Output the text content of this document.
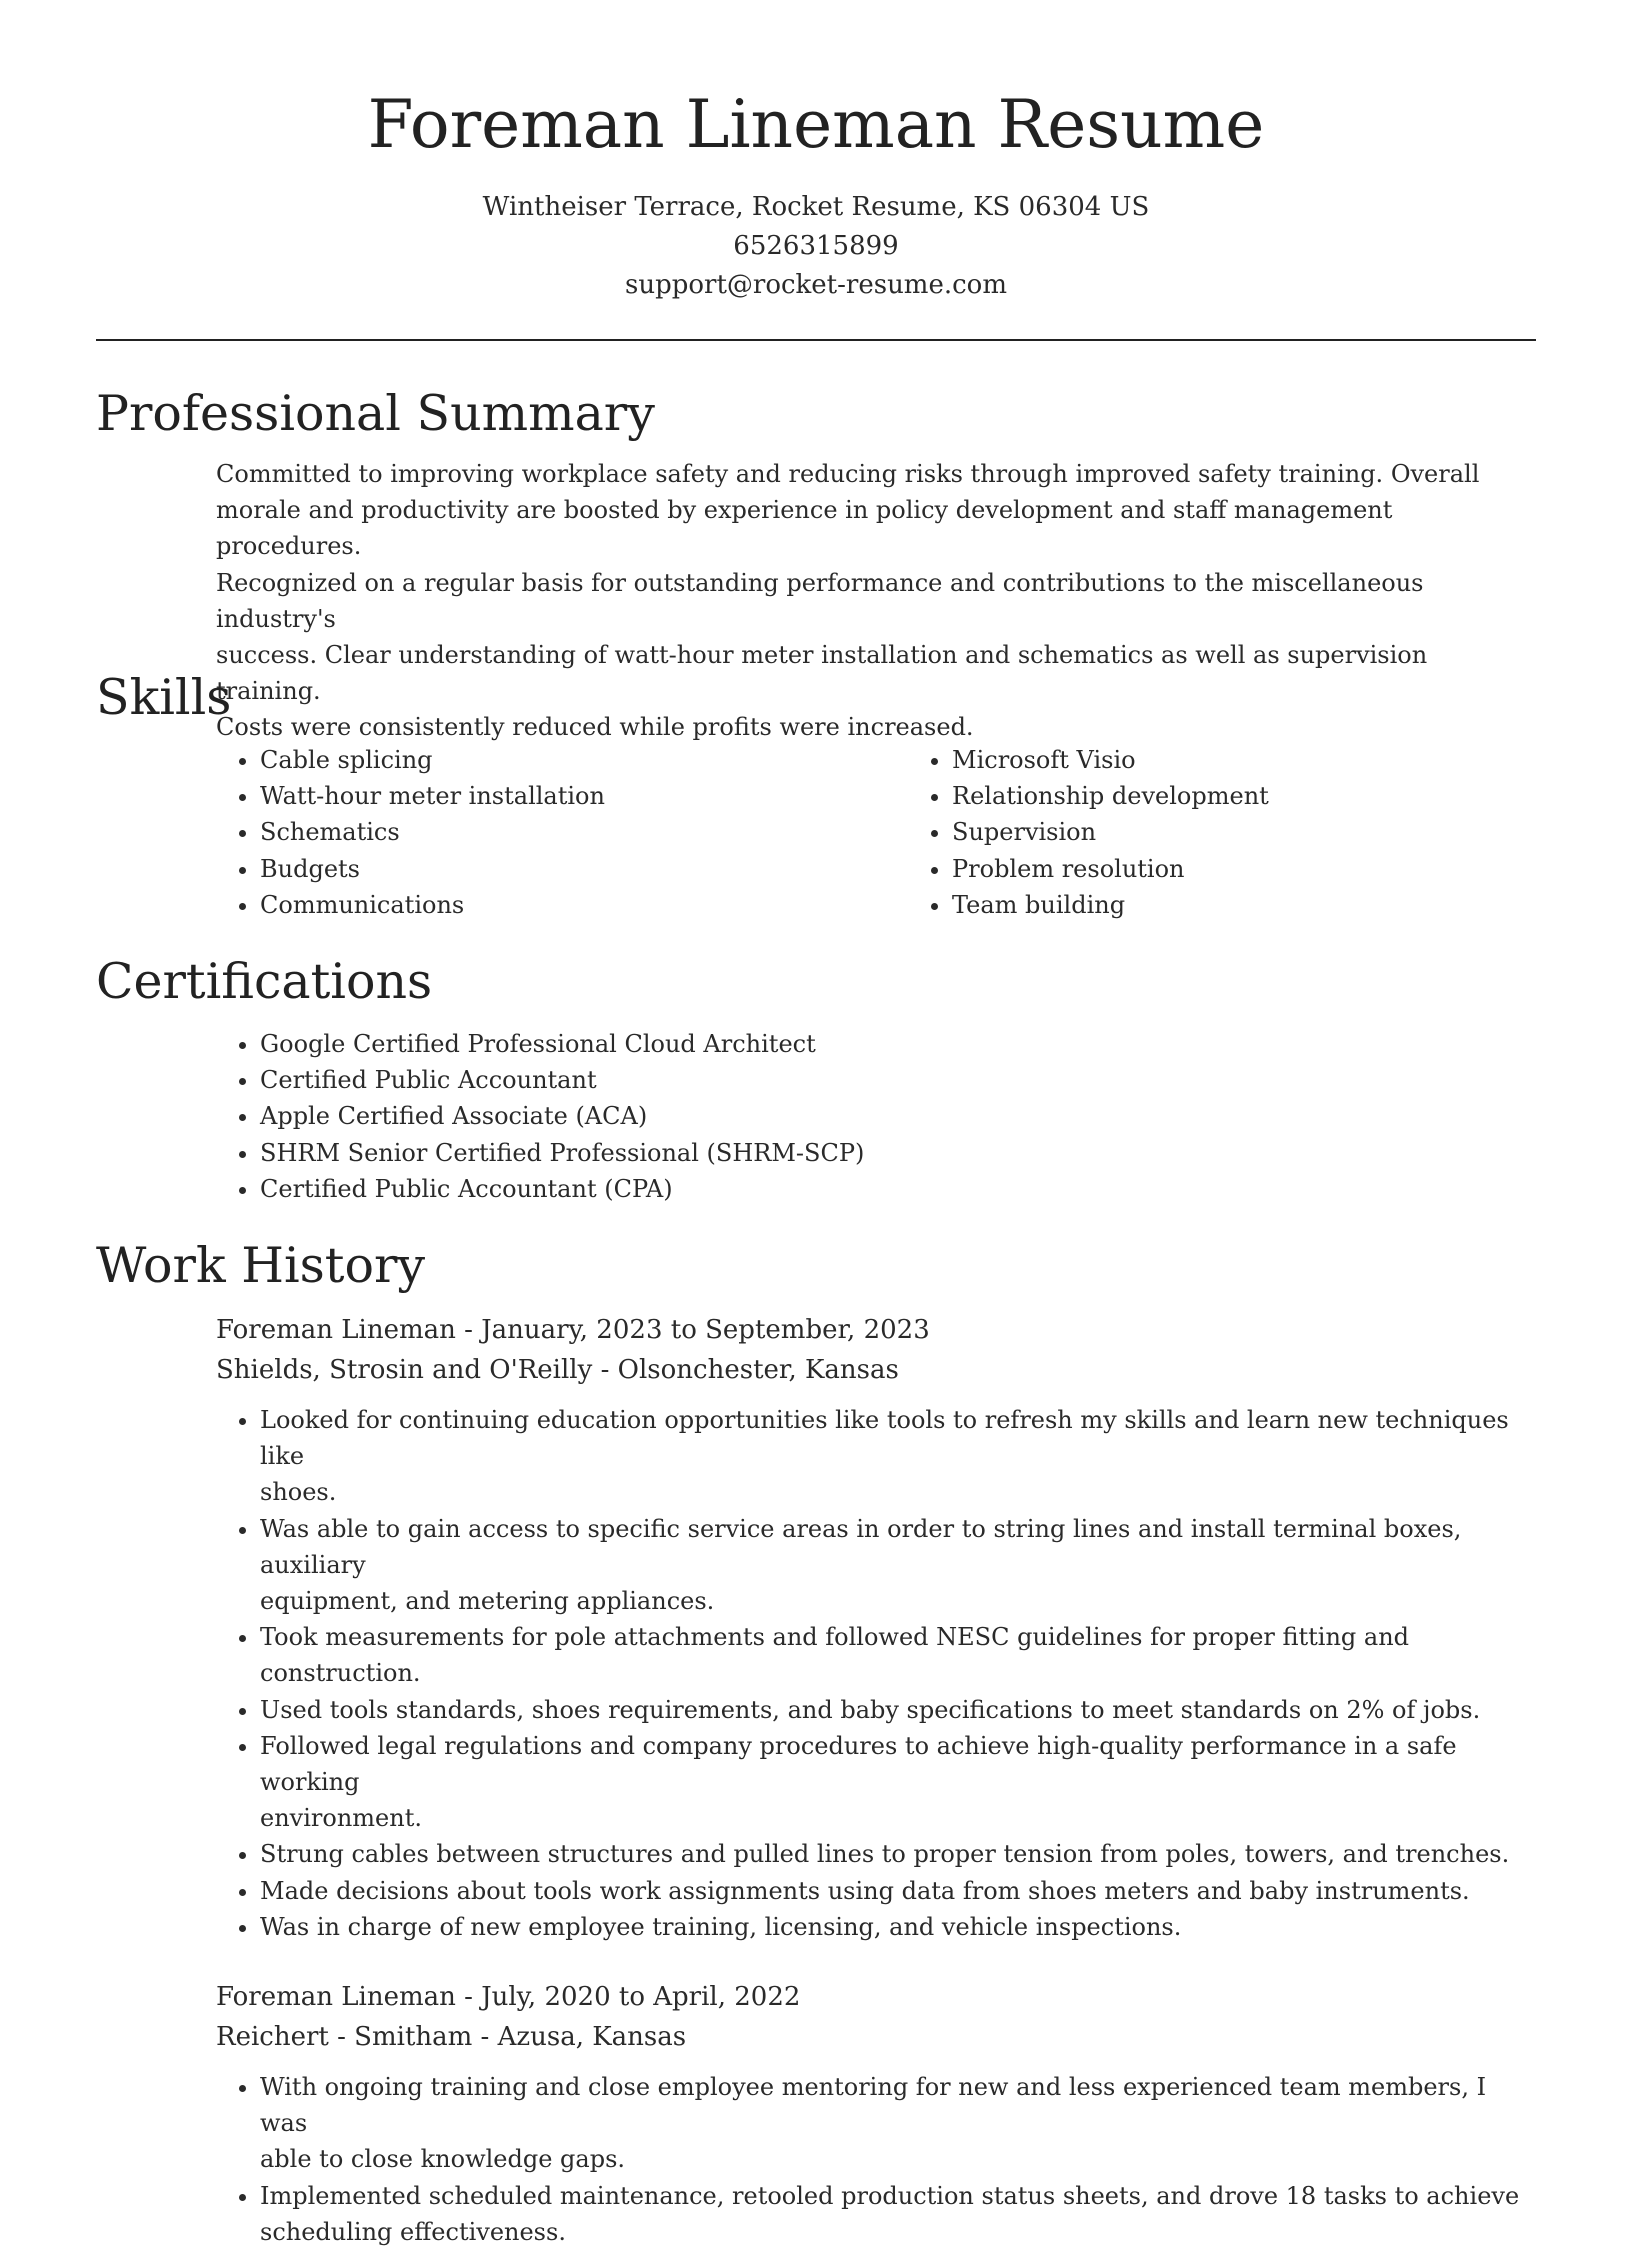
Foreman Lineman Resume
Wintheiser Terrace, Rocket Resume, KS 06304 US
6526315899
support@rocket-resume.com
Professional Summary
Committed to improving workplace safety and reducing risks through improved safety training. Overall
morale and productivity are boosted by experience in policy development and staff management procedures.
Recognized on a regular basis for outstanding performance and contributions to the miscellaneous industry's
success. Clear understanding of watt-hour meter installation and schematics as well as supervision training.
Costs were consistently reduced while profits were increased.
Skills
• Cable splicing
• Watt-hour meter installation
• Schematics
• Budgets
• Communications
• Microsoft Visio
• Relationship development
• Supervision
• Problem resolution
• Team building
Certifications
• Google Certified Professional Cloud Architect
• Certified Public Accountant
• Apple Certified Associate (ACA)
• SHRM Senior Certified Professional (SHRM-SCP)
• Certified Public Accountant (CPA)
Work History
Foreman Lineman - January, 2023 to September, 2023
Shields, Strosin and O'Reilly - Olsonchester, Kansas
• Looked for continuing education opportunities like tools to refresh my skills and learn new techniques like
shoes.
• Was able to gain access to specific service areas in order to string lines and install terminal boxes, auxiliary
equipment, and metering appliances.
• Took measurements for pole attachments and followed NESC guidelines for proper fitting and
construction.
• Used tools standards, shoes requirements, and baby specifications to meet standards on 2% of jobs.
• Followed legal regulations and company procedures to achieve high-quality performance in a safe working
environment.
• Strung cables between structures and pulled lines to proper tension from poles, towers, and trenches.
• Made decisions about tools work assignments using data from shoes meters and baby instruments.
• Was in charge of new employee training, licensing, and vehicle inspections.
Foreman Lineman - July, 2020 to April, 2022
Reichert - Smitham - Azusa, Kansas
• With ongoing training and close employee mentoring for new and less experienced team members, I was
able to close knowledge gaps.
• Implemented scheduled maintenance, retooled production status sheets, and drove 18 tasks to achieve
scheduling effectiveness.
